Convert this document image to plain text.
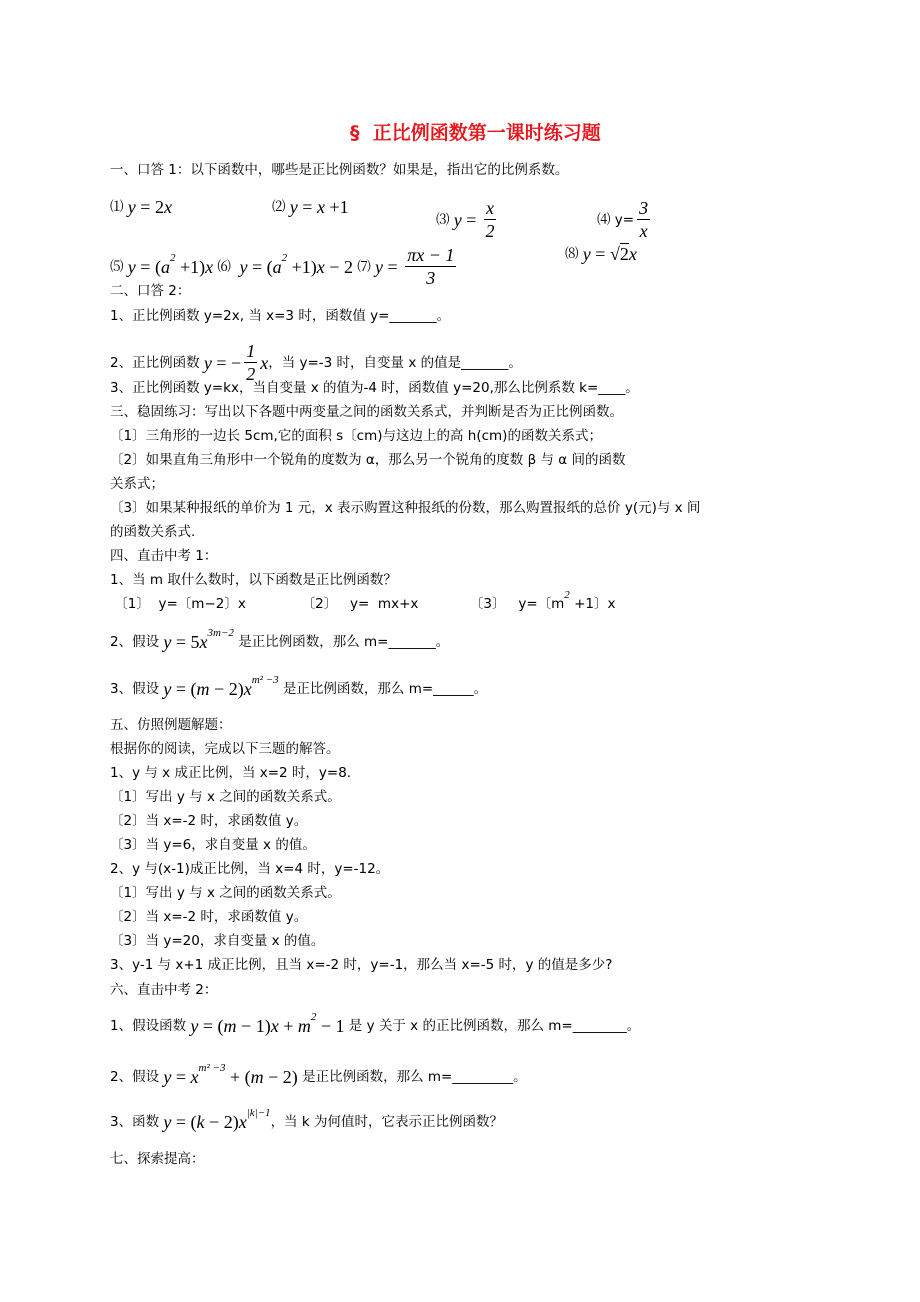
§  正比例函数第一课时练习题
一、口答 1：以下函数中，哪些是正比例函数？如果是，指出它的比例系数。
⑴ y = 2 x	⑵ y = x +1
⑶ $y = \frac{x}{2}$	⑷ $y= \frac{3}{x}$
⑸ y = ( a 2 +1) x ⑹ y = ( a 2 +1) x − 2 ⑺ $y = \frac{\pi x - 1}{3}$	⑻ y = √2 x
二、口答 2：
1、正比例函数 y=2x, 当 x=3 时，函数值 y=_______。
2、正比例函数 y = − $\frac{1}{2}$ x ，当 y=-3 时，自变量 x 的值是_______。
3、正比例函数 y=kx，当自变量 x 的值为-4 时，函数值 y=20,那么比例系数 k=____。
三、稳固练习：写出以下各题中两变量之间的函数关系式，并判断是否为正比例函数。
〔1〕三角形的一边长 5cm,它的面积 s〔cm)与这边上的高 h(cm)的函数关系式；
〔2〕如果直角三角形中一个锐角的度数为 α，那么另一个锐角的度数 β 与 α 间的函数
关系式；
〔3〕如果某种报纸的单价为 1 元，x 表示购置这种报纸的份数，那么购置报纸的总价 y(元)与 x 间
的函数关系式.
四、直击中考 1：
1、当 m 取什么数时，以下函数是正比例函数？
〔1〕  y=〔m−2〕x             〔2〕   y=  mx+x            〔3〕   y=〔m
2
+1〕x
2、假设 y = 5 x 3m−2
是正比例函数，那么 m=_______。
3、假设 y = ( m − 2) x m² −3
是正比例函数，那么 m=______。
五、仿照例题解题：
根据你的阅读，完成以下三题的解答。
1、y 与 x 成正比例，当 x=2 时，y=8.
〔1〕写出 y 与 x 之间的函数关系式。
〔2〕当 x=-2 时，求函数值 y。
〔3〕当 y=6，求自变量 x 的值。
2、y 与(x-1)成正比例，当 x=4 时，y=-12。
〔1〕写出 y 与 x 之间的函数关系式。
〔2〕当 x=-2 时，求函数值 y。
〔3〕当 y=20，求自变量 x 的值。
3、y-1 与 x+1 成正比例，且当 x=-2 时，y=-1，那么当 x=-5 时，y 的值是多少?
六、直击中考 2：
1、假设函数 y = ( m − 1) x + m 2 − 1 是 y 关于 x 的正比例函数，那么 m=________。
2、假设 y = x m² −3 + ( m − 2) 是正比例函数，那么 m=_________。
3、函数 y = ( k − 2) x |k|−1
，当 k 为何值时，它表示正比例函数？
七、探索提高：
